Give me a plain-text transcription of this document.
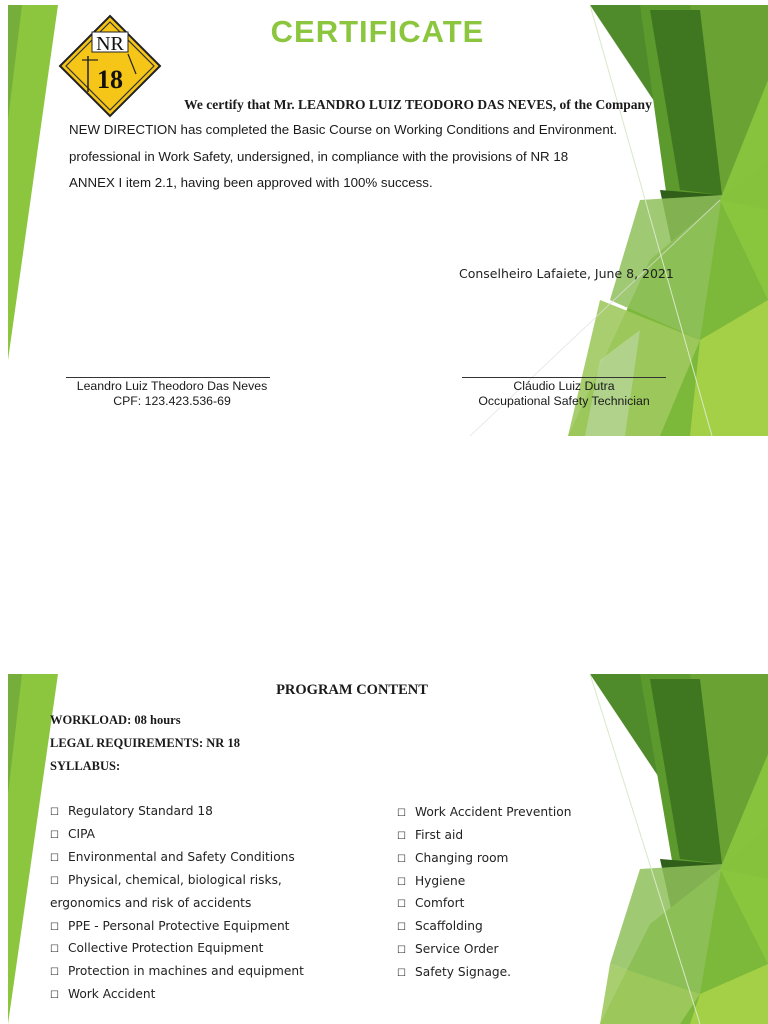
NR
18
CERTIFICATE
We certify that Mr. LEANDRO LUIZ TEODORO DAS NEVES, of the Company
NEW DIRECTION has completed the Basic Course on Working Conditions and Environment.
professional in Work Safety, undersigned, in compliance with the provisions of NR 18
ANNEX I item 2.1, having been approved with 100% success.
Conselheiro Lafaiete, June 8, 2021
Leandro Luiz Theodoro Das Neves
CPF: 123.423.536-69
Cláudio Luiz Dutra
Occupational Safety Technician
PROGRAM CONTENT
WORKLOAD: 08 hours
LEGAL REQUIREMENTS: NR 18
SYLLABUS:
☐ Regulatory Standard 18
☐ CIPA
☐ Environmental and Safety Conditions
☐ Physical, chemical, biological risks,
ergonomics and risk of accidents
☐ PPE - Personal Protective Equipment
☐ Collective Protection Equipment
☐ Protection in machines and equipment
☐ Work Accident
☐ Work Accident Prevention
☐ First aid
☐ Changing room
☐ Hygiene
☐ Comfort
☐ Scaffolding
☐ Service Order
☐ Safety Signage.
